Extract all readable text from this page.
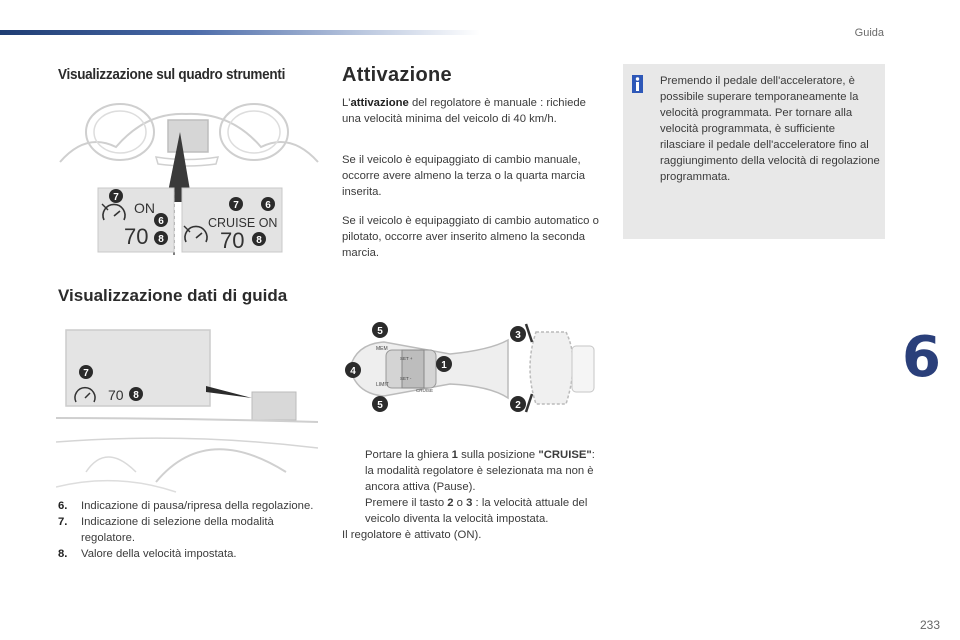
Guida
Visualizzazione sul quadro strumenti	Attivazione
Visualizzazione dati di guida
ON
70
CRUISE ON
70
7
6
8
7	6
8
L'attivazione del regolatore è manuale : richiede una velocità minima del veicolo di 40 km/h.
Se il veicolo è equipaggiato di cambio manuale, occorre avere almeno la terza o la quarta marcia inserita.
Se il veicolo è equipaggiato di cambio automatico o pilotato, occorre aver inserito almeno la seconda marcia.
Premendo il pedale dell'acceleratore, è possibile superare temporaneamente la velocità programmata. Per tornare alla velocità programmata, è sufficiente rilasciare il pedale dell'acceleratore fino al raggiungimento della velocità di regolazione programmata.
70
7
8
MEM
SET +
SET -
CRUISE
LIMIT
5
4
1
5
3
2
6. Indicazione di pausa/ripresa della regolazione.
7. Indicazione di selezione della modalità regolatore.
8. Valore della velocità impostata.
Portare la ghiera 1 sulla posizione "CRUISE": la modalità regolatore è selezionata ma non è ancora attiva (Pause).
Premere il tasto 2 o 3 : la velocità attuale del veicolo diventa la velocità impostata.
Il regolatore è attivato (ON).
6
233
